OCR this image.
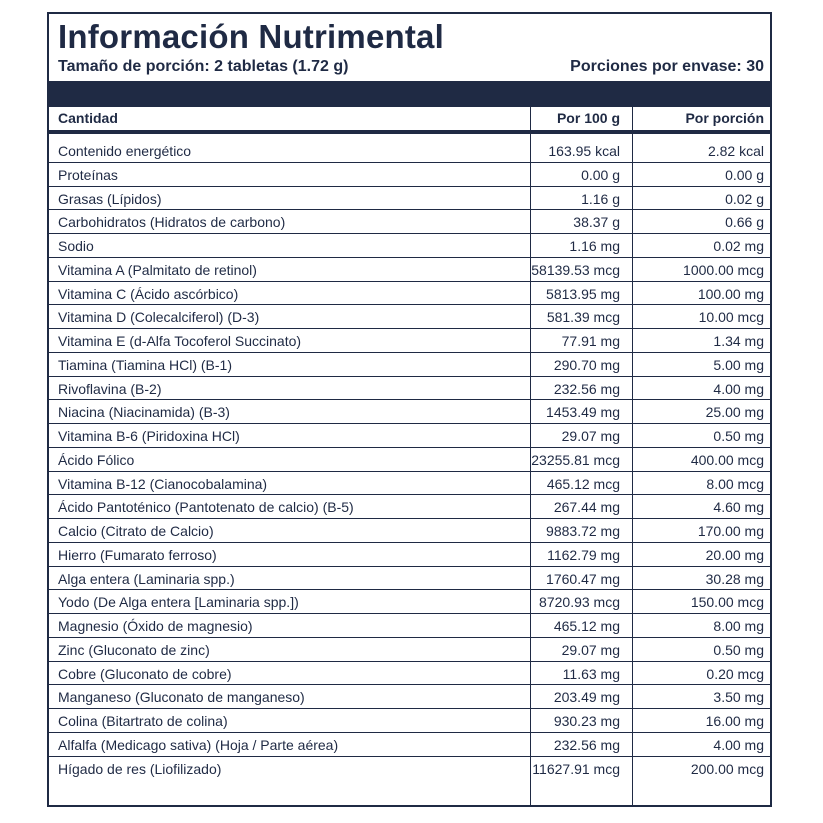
Información Nutrimental
Tamaño de porción: 2 tabletas (1.72 g)	Porciones por envase: 30
Cantidad	Por 100 g	Por porción
Contenido energético	163.95 kcal	2.82 kcal
Proteínas	0.00 g	0.00 g
Grasas (Lípidos)	1.16 g	0.02 g
Carbohidratos (Hidratos de carbono)	38.37 g	0.66 g
Sodio	1.16 mg	0.02 mg
Vitamina A (Palmitato de retinol)	58139.53 mcg	1000.00 mcg
Vitamina C (Ácido ascórbico)	5813.95 mg	100.00 mg
Vitamina D (Colecalciferol) (D-3)	581.39 mcg	10.00 mcg
Vitamina E (d-Alfa Tocoferol Succinato)	77.91 mg	1.34 mg
Tiamina (Tiamina HCl) (B-1)	290.70 mg	5.00 mg
Rivoflavina (B-2)	232.56 mg	4.00 mg
Niacina (Niacinamida) (B-3)	1453.49 mg	25.00 mg
Vitamina B-6 (Piridoxina HCl)	29.07 mg	0.50 mg
Ácido Fólico	23255.81 mcg	400.00 mcg
Vitamina B-12 (Cianocobalamina)	465.12 mcg	8.00 mcg
Ácido Pantoténico (Pantotenato de calcio) (B-5)	267.44 mg	4.60 mg
Calcio (Citrato de Calcio)	9883.72 mg	170.00 mg
Hierro (Fumarato ferroso)	1162.79 mg	20.00 mg
Alga entera (Laminaria spp.)	1760.47 mg	30.28 mg
Yodo (De Alga entera [Laminaria spp.])	8720.93 mcg	150.00 mcg
Magnesio (Óxido de magnesio)	465.12 mg	8.00 mg
Zinc (Gluconato de zinc)	29.07 mg	0.50 mg
Cobre (Gluconato de cobre)	11.63 mg	0.20 mcg
Manganeso (Gluconato de manganeso)	203.49 mg	3.50 mg
Colina (Bitartrato de colina)	930.23 mg	16.00 mg
Alfalfa (Medicago sativa) (Hoja / Parte aérea)	232.56 mg	4.00 mg
Hígado de res (Liofilizado)	11627.91 mcg	200.00 mcg
